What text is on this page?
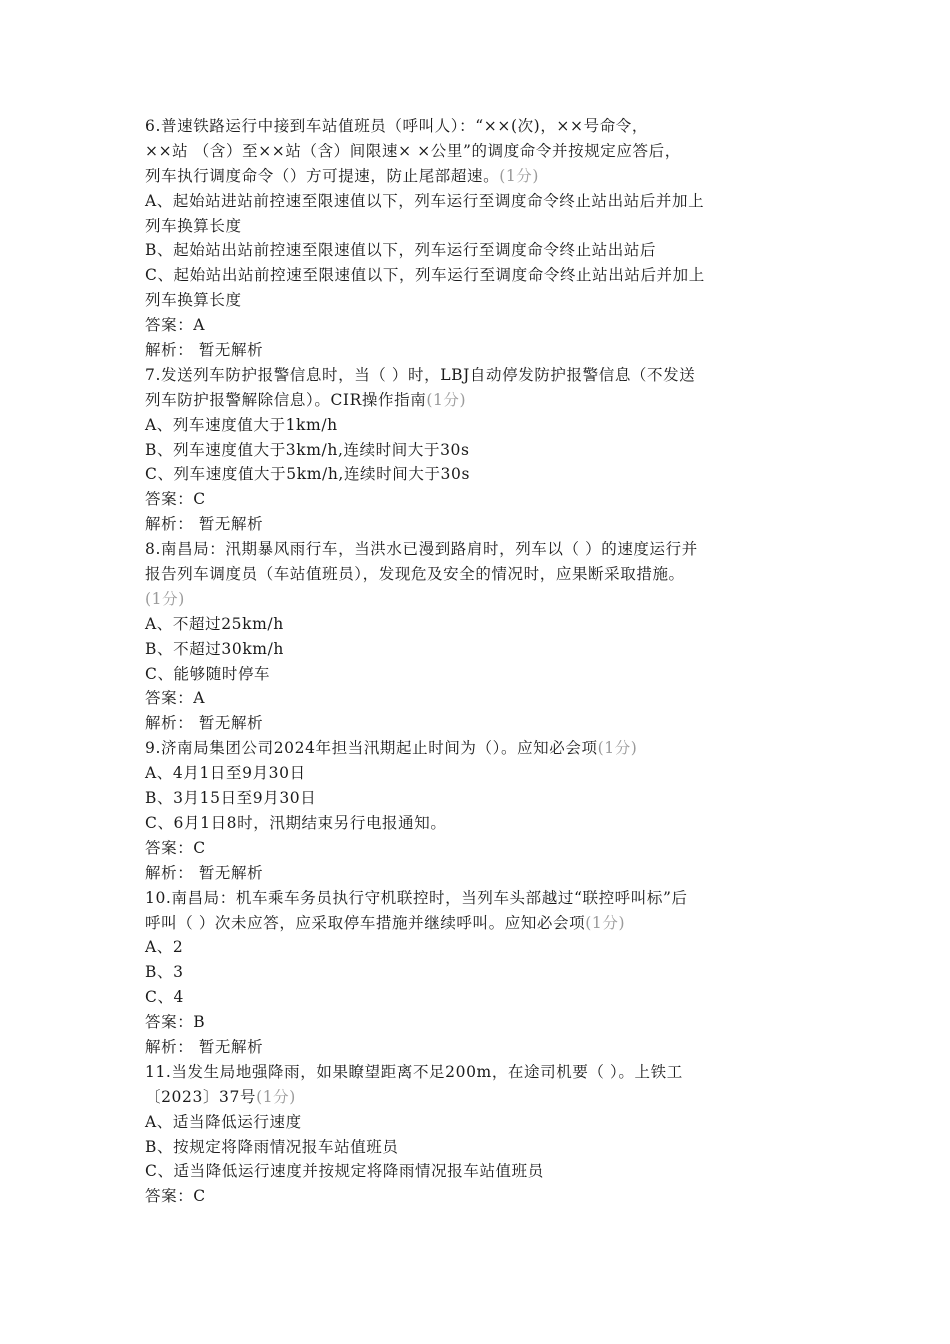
6.普速铁路运行中接到车站值班员（呼叫人）：“××(次)，××号命令，
××站 （含）至××站（含）间限速× ×公里”的调度命令并按规定应答后，
列车执行调度命令（）方可提速，防止尾部超速。(1分)
A、起始站进站前控速至限速值以下，列车运行至调度命令终止站出站后并加上
列车换算长度
B、起始站出站前控速至限速值以下，列车运行至调度命令终止站出站后
C、起始站出站前控速至限速值以下，列车运行至调度命令终止站出站后并加上
列车换算长度
答案：A
解析： 暂无解析
7.发送列车防护报警信息时，当（ ）时，LBJ自动停发防护报警信息（不发送
列车防护报警解除信息）。CIR操作指南(1分)
A、列车速度值大于1km/h
B、列车速度值大于3km/h,连续时间大于30s
C、列车速度值大于5km/h,连续时间大于30s
答案：C
解析： 暂无解析
8.南昌局：汛期暴风雨行车，当洪水已漫到路肩时，列车以（ ）的速度运行并
报告列车调度员（车站值班员），发现危及安全的情况时，应果断采取措施。
(1分)
A、不超过25km/h
B、不超过30km/h
C、能够随时停车
答案：A
解析： 暂无解析
9.济南局集团公司2024年担当汛期起止时间为（）。应知必会项(1分)
A、4月1日至9月30日
B、3月15日至9月30日
C、6月1日8时，汛期结束另行电报通知。
答案：C
解析： 暂无解析
10.南昌局：机车乘车务员执行守机联控时，当列车头部越过“联控呼叫标”后
呼叫（ ）次未应答，应采取停车措施并继续呼叫。应知必会项(1分)
A、2
B、3
C、4
答案：B
解析： 暂无解析
11.当发生局地强降雨，如果瞭望距离不足200m，在途司机要（ ）。上铁工
〔2023〕37号(1分)
A、适当降低运行速度
B、按规定将降雨情况报车站值班员
C、适当降低运行速度并按规定将降雨情况报车站值班员
答案：C
